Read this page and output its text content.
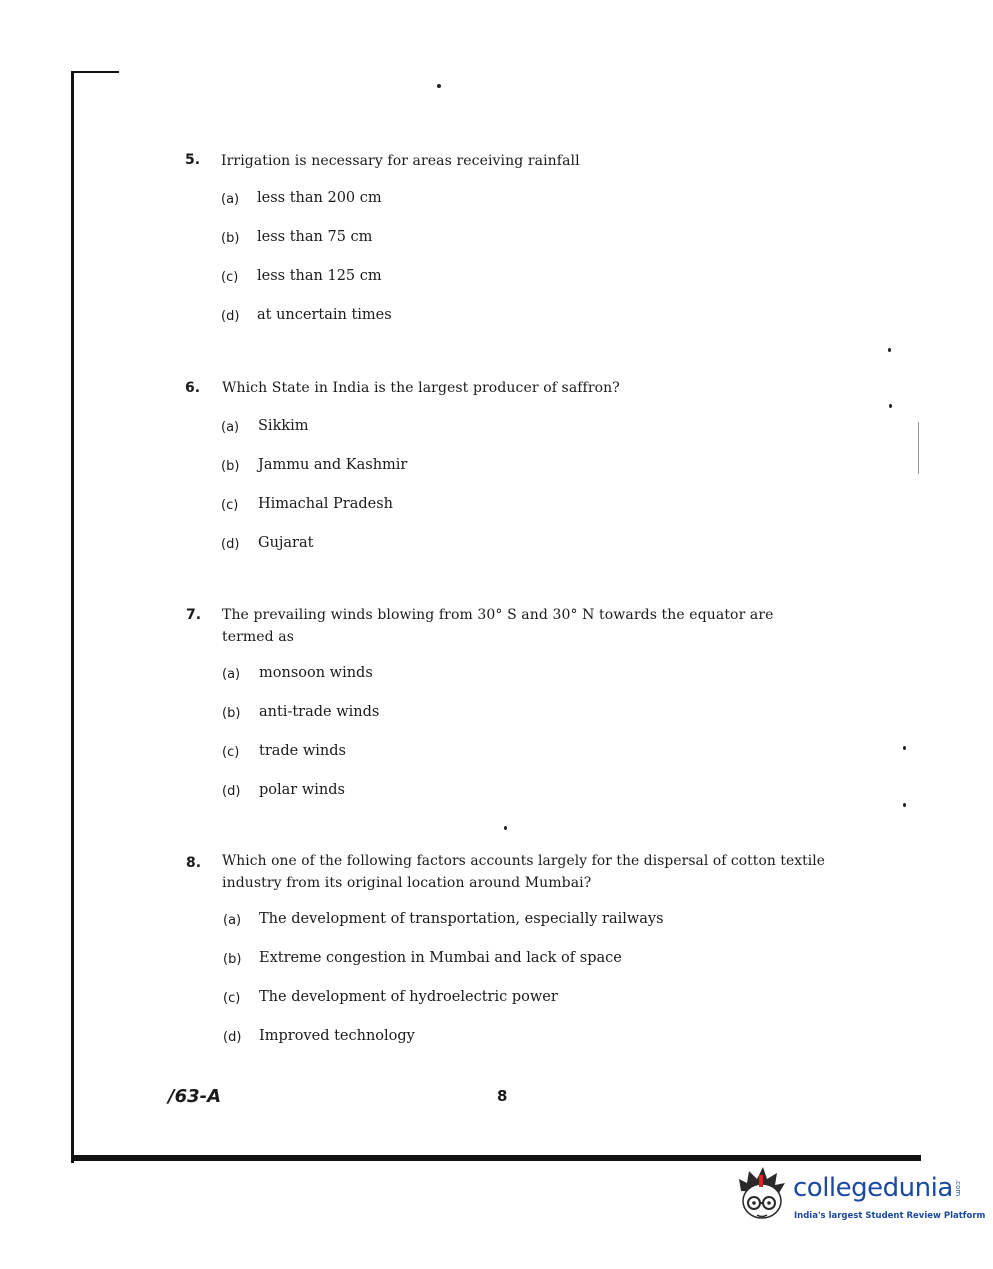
5. Irrigation is necessary for areas receiving rainfall
(a) less than 200 cm
(b) less than 75 cm
(c) less than 125 cm
(d) at uncertain times
6. Which State in India is the largest producer of saffron?
(a) Sikkim
(b) Jammu and Kashmir
(c) Himachal Pradesh
(d) Gujarat
7. The prevailing winds blowing from 30° S and 30° N towards the equator are
termed as
(a) monsoon winds
(b) anti-trade winds
(c) trade winds
(d) polar winds
8. Which one of the following factors accounts largely for the dispersal of cotton textile
industry from its original location around Mumbai?
(a) The development of transportation, especially railways
(b) Extreme congestion in Mumbai and lack of space
(c) The development of hydroelectric power
(d) Improved technology
/63-A	8
collegedunia .com
India's largest Student Review Platform
